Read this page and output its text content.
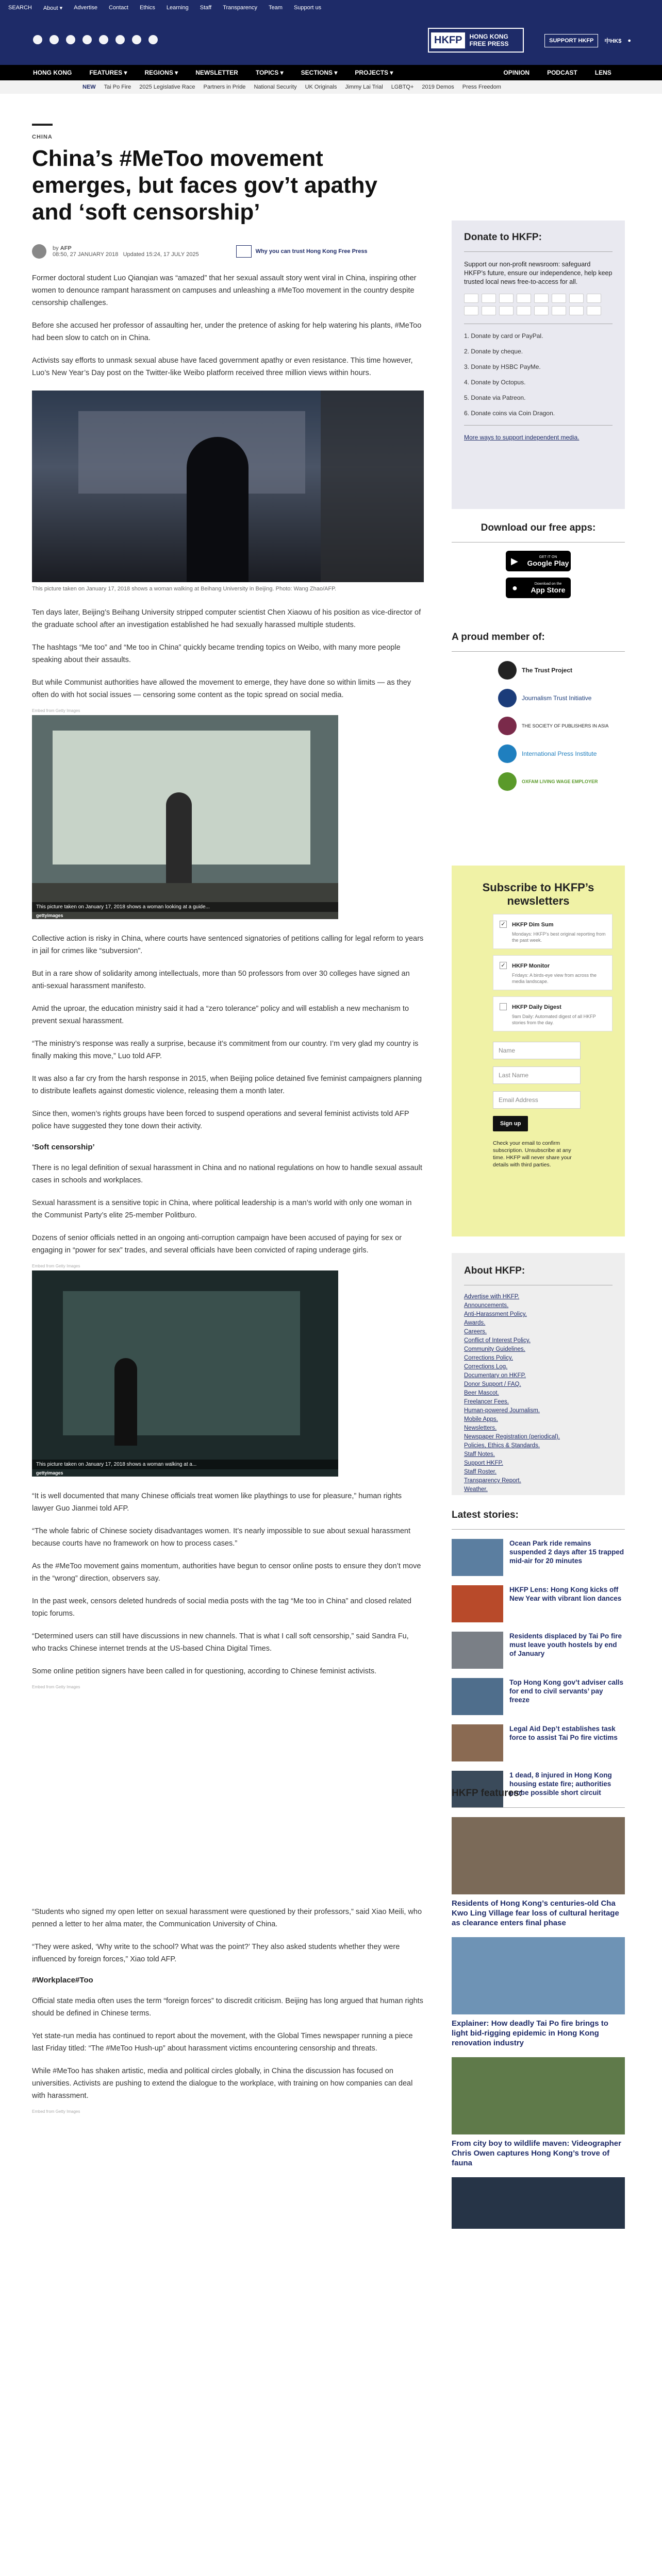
SEARCH About ▾ Advertise Contact Ethics Learning Staff Transparency Team Support us
HKFP	HONG KONG
FREE PRESS	SUPPORT HKFP	中HK$ ●
HONG KONG	FEATURES ▾	REGIONS ▾	NEWSLETTER	TOPICS ▾	SECTIONS ▾	PROJECTS ▾	OPINION	PODCAST	LENS
NEW Tai Po Fire 2025 Legislative Race Partners in Pride National Security UK Originals Jimmy Lai Trial LGBTQ+ 2019 Demos Press Freedom
CHINA
China’s #MeToo movement emerges, but faces gov’t apathy and ‘soft censorship’
by AFP
08:50, 27 JANUARY 2018 Updated 15:24, 17 JULY 2025	Why you can trust Hong Kong Free Press

Former doctoral student Luo Qianqian was “amazed” that her sexual assault story went viral in China, inspiring other women to denounce rampant harassment on campuses and unleashing a #MeToo movement in the country despite censorship challenges.

Before she accused her professor of assaulting her, under the pretence of asking for help watering his plants, #MeToo had been slow to catch on in China.

Activists say efforts to unmask sexual abuse have faced government apathy or even resistance. This time however, Luo’s New Year’s Day post on the Twitter-like Weibo platform received three million views within hours.

This picture taken on January 17, 2018 shows a woman walking at Beihang University in Beijing. Photo: Wang Zhao/AFP.

Ten days later, Beijing’s Beihang University stripped computer scientist Chen Xiaowu of his position as vice-director of the graduate school after an investigation established he had sexually harassed multiple students.

The hashtags “Me too” and “Me too in China” quickly became trending topics on Weibo, with many more people speaking about their assaults.

But while Communist authorities have allowed the movement to emerge, they have done so within limits — as they often do with hot social issues — censoring some content as the topic spread on social media.

Embed from Getty Images
This picture taken on January 17, 2018 shows a woman looking at a guide...
gettyimages

Collective action is risky in China, where courts have sentenced signatories of petitions calling for legal reform to years in jail for crimes like “subversion”.

But in a rare show of solidarity among intellectuals, more than 50 professors from over 30 colleges have signed an anti-sexual harassment manifesto.

Amid the uproar, the education ministry said it had a “zero tolerance” policy and will establish a new mechanism to prevent sexual harassment.

“The ministry’s response was really a surprise, because it’s commitment from our country. I’m very glad my country is finally making this move,” Luo told AFP.

It was also a far cry from the harsh response in 2015, when Beijing police detained five feminist campaigners planning to distribute leaflets against domestic violence, releasing them a month later.

Since then, women’s rights groups have been forced to suspend operations and several feminist activists told AFP police have suggested they tone down their activity.

‘Soft censorship’

There is no legal definition of sexual harassment in China and no national regulations on how to handle sexual assault cases in schools and workplaces.

Sexual harassment is a sensitive topic in China, where political leadership is a man’s world with only one woman in the Communist Party’s elite 25-member Politburo.

Dozens of senior officials netted in an ongoing anti-corruption campaign have been accused of paying for sex or engaging in “power for sex” trades, and several officials have been convicted of raping underage girls.

Embed from Getty Images
This picture taken on January 17, 2018 shows a woman walking at a...
gettyimages

“It is well documented that many Chinese officials treat women like playthings to use for pleasure,” human rights lawyer Guo Jianmei told AFP.

“The whole fabric of Chinese society disadvantages women. It’s nearly impossible to sue about sexual harassment because courts have no framework on how to process cases.”

As the #MeToo movement gains momentum, authorities have begun to censor online posts to ensure they don’t move in the “wrong” direction, observers say.

In the past week, censors deleted hundreds of social media posts with the tag “Me too in China” and closed related topic forums.

“Determined users can still have discussions in new channels. That is what I call soft censorship,” said Sandra Fu, who tracks Chinese internet trends at the US-based China Digital Times.

Some online petition signers have been called in for questioning, according to Chinese feminist activists.

Embed from Getty Images

“Students who signed my open letter on sexual harassment were questioned by their professors,” said Xiao Meili, who penned a letter to her alma mater, the Communication University of China.

“They were asked, ‘Why write to the school? What was the point?’ They also asked students whether they were influenced by foreign forces,” Xiao told AFP.

#Workplace#Too

Official state media often uses the term “foreign forces” to discredit criticism. Beijing has long argued that human rights should be defined in Chinese terms.

Yet state-run media has continued to report about the movement, with the Global Times newspaper running a piece last Friday titled: “The #MeToo Hush-up” about harassment victims encountering censorship and threats.

While #MeToo has shaken artistic, media and political circles globally, in China the discussion has focused on universities. Activists are pushing to extend the dialogue to the workplace, with training on how companies can deal with harassment.

Embed from Getty Images
Donate to HKFP:
Support our non-profit newsroom: safeguard HKFP’s future, ensure our independence, help keep trusted local news free-to-access for all.
1. Donate by card or PayPal.
2. Donate by cheque.
3. Donate by HSBC PayMe.
4. Donate by Octopus.
5. Donate via Patreon.
6. Donate coins via Coin Dragon.
More ways to support independent media.
Download our free apps:
▶	GET IT ON
Google Play
●	Download on the
App Store
A proud member of:
The Trust Project
Journalism Trust Initiative
THE SOCIETY OF PUBLISHERS IN ASIA
International Press Institute
OXFAM LIVING WAGE EMPLOYER
Subscribe to HKFP’s newsletters
✓ HKFP Dim Sum
Mondays: HKFP’s best original reporting from the past week.
✓ HKFP Monitor
Fridays: A birds-eye view from across the media landscape.
HKFP Daily Digest
9am Daily: Automated digest of all HKFP stories from the day.
Name
Last Name
Email Address
Sign up
Check your email to confirm subscription. Unsubscribe at any time. HKFP will never share your details with third parties.
About HKFP:
Advertise with HKFP.
Announcements.
Anti-Harassment Policy.
Awards.
Careers.
Conflict of Interest Policy.
Community Guidelines.
Corrections Policy.
Corrections Log.
Documentary on HKFP.
Donor Support / FAQ.
Beer Mascot.
Freelancer Fees.
Human-powered Journalism.
Mobile Apps.
Newsletters.
Newspaper Registration (periodical).
Policies, Ethics & Standards.
Staff Notes.
Support HKFP.
Staff Roster.
Transparency Report.
Weather.
Latest stories:
Ocean Park ride remains suspended 2 days after 15 trapped mid-air for 20 minutes
HKFP Lens: Hong Kong kicks off New Year with vibrant lion dances
Residents displaced by Tai Po fire must leave youth hostels by end of January
Top Hong Kong gov’t adviser calls for end to civil servants’ pay freeze
Legal Aid Dep’t establishes task force to assist Tai Po fire victims
1 dead, 8 injured in Hong Kong housing estate fire; authorities probe possible short circuit
HKFP features:
Residents of Hong Kong’s centuries-old Cha Kwo Ling Village fear loss of cultural heritage as clearance enters final phase
Explainer: How deadly Tai Po fire brings to light bid-rigging epidemic in Hong Kong renovation industry
From city boy to wildlife maven: Videographer Chris Owen captures Hong Kong’s trove of fauna
